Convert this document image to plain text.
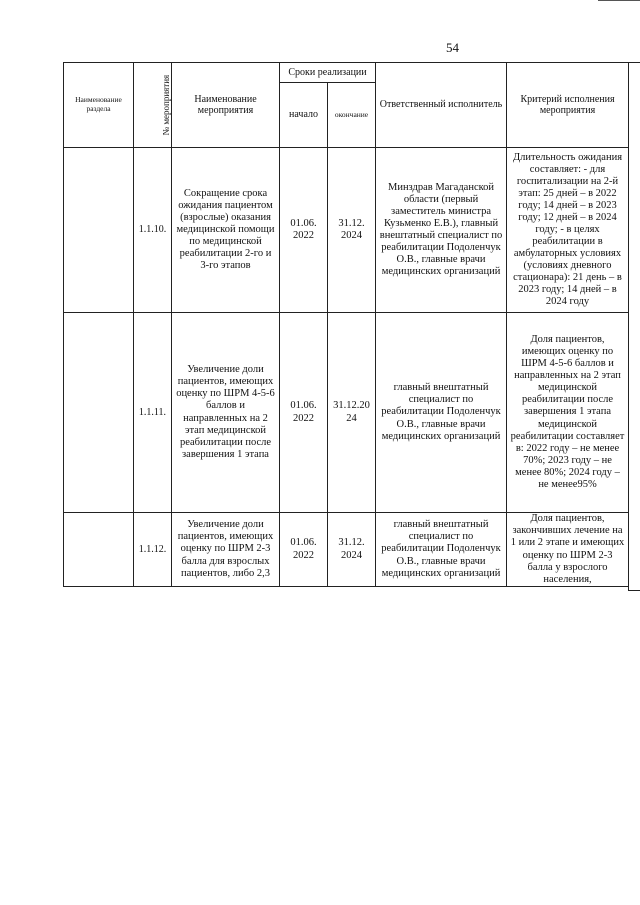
54
Наименование раздела	№ мероприятия	Наименование мероприятия	Сроки реализации		Ответственный исполнитель	Критерий исполнения мероприятия
			начало	окончание		
	1.1.10.	Сокращение срока ожидания пациентом (взрослые) оказания медицинской помощи по медицинской реабилитации 2-го и 3-го этапов	01.06. 2022	31.12. 2024	Минздрав Магаданской области (первый заместитель министра Кузьменко Е.В.), главный внештатный специалист по реабилитации Подоленчук О.В., главные врачи медицинских организаций	Длительность ожидания составляет: - для госпитализации на 2-й этап: 25 дней – в 2022 году; 14 дней – в 2023 году; 12 дней – в 2024 году; - в целях реабилитации в амбулаторных условиях (условиях дневного стационара): 21 день – в 2023 году; 14 дней – в 2024 году
	1.1.11.	Увеличение доли пациентов, имеющих оценку по ШРМ 4-5-6 баллов и направленных на 2 этап медицинской реабилитации после завершения 1 этапа	01.06. 2022	31.12.20 24	главный внештатный специалист по реабилитации Подоленчук О.В., главные врачи медицинских организаций	Доля пациентов, имеющих оценку по ШРМ 4-5-6 баллов и направленных на 2 этап медицинской реабилитации после завершения 1 этапа медицинской реабилитации составляет в: 2022 году – не менее 70%; 2023 году – не менее 80%; 2024 году – не менее95%
	1.1.12.	Увеличение доли пациентов, имеющих оценку по ШРМ 2-3 балла для взрослых пациентов, либо 2,3	01.06. 2022	31.12. 2024	главный внештатный специалист по реабилитации Подоленчук О.В., главные врачи медицинских организаций	Доля пациентов, закончивших лечение на 1 или 2 этапе и имеющих оценку по ШРМ 2-3 балла у взрослого населения,
